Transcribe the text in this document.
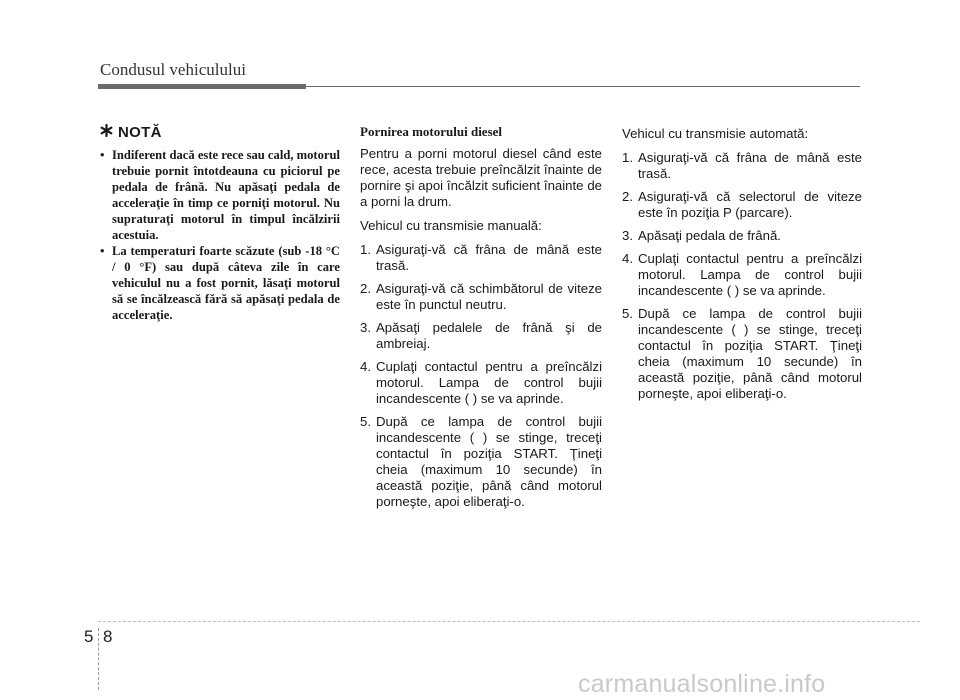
Condusul vehiculului
NOTĂ
• Indiferent dacă este rece sau cald, motorul trebuie pornit întotdeauna cu piciorul pe pedala de frână. Nu apăsaţi pedala de acceleraţie în timp ce porniţi motorul. Nu supraturaţi motorul în timpul încălzirii acestuia.
• La temperaturi foarte scăzute (sub -18 °C / 0 °F) sau după câteva zile în care vehiculul nu a fost pornit, lăsaţi motorul să se încălzească fără să apăsaţi pedala de acceleraţie.
Pornirea motorului diesel

Pentru a porni motorul diesel când este rece, acesta trebuie preîncălzit înainte de pornire şi apoi încălzit suficient înainte de a porni la drum.

Vehicul cu transmisie manuală:

1. Asiguraţi-vă că frâna de mână este trasă.
2. Asiguraţi-vă că schimbătorul de viteze este în punctul neutru.
3. Apăsaţi pedalele de frână şi de ambreiaj.
4. Cuplaţi contactul pentru a preîncălzi motorul. Lampa de control bujii incandescente ( ) se va aprinde.
5. După ce lampa de control bujii incandescente ( ) se stinge, treceţi contactul în poziţia START. Ţineţi cheia (maximum 10 secunde) în această poziţie, până când motorul porneşte, apoi eliberaţi-o.

Vehicul cu transmisie automată:

1. Asiguraţi-vă că frâna de mână este trasă.
2. Asiguraţi-vă că selectorul de viteze este în poziţia P (parcare).
3. Apăsaţi pedala de frână.
4. Cuplaţi contactul pentru a preîncălzi motorul. Lampa de control bujii incandescente ( ) se va aprinde.
5. După ce lampa de control bujii incandescente ( ) se stinge, treceţi contactul în poziţia START. Ţineţi cheia (maximum 10 secunde) în această poziţie, până când motorul porneşte, apoi eliberaţi-o.
5 8
carmanualsonline.info
